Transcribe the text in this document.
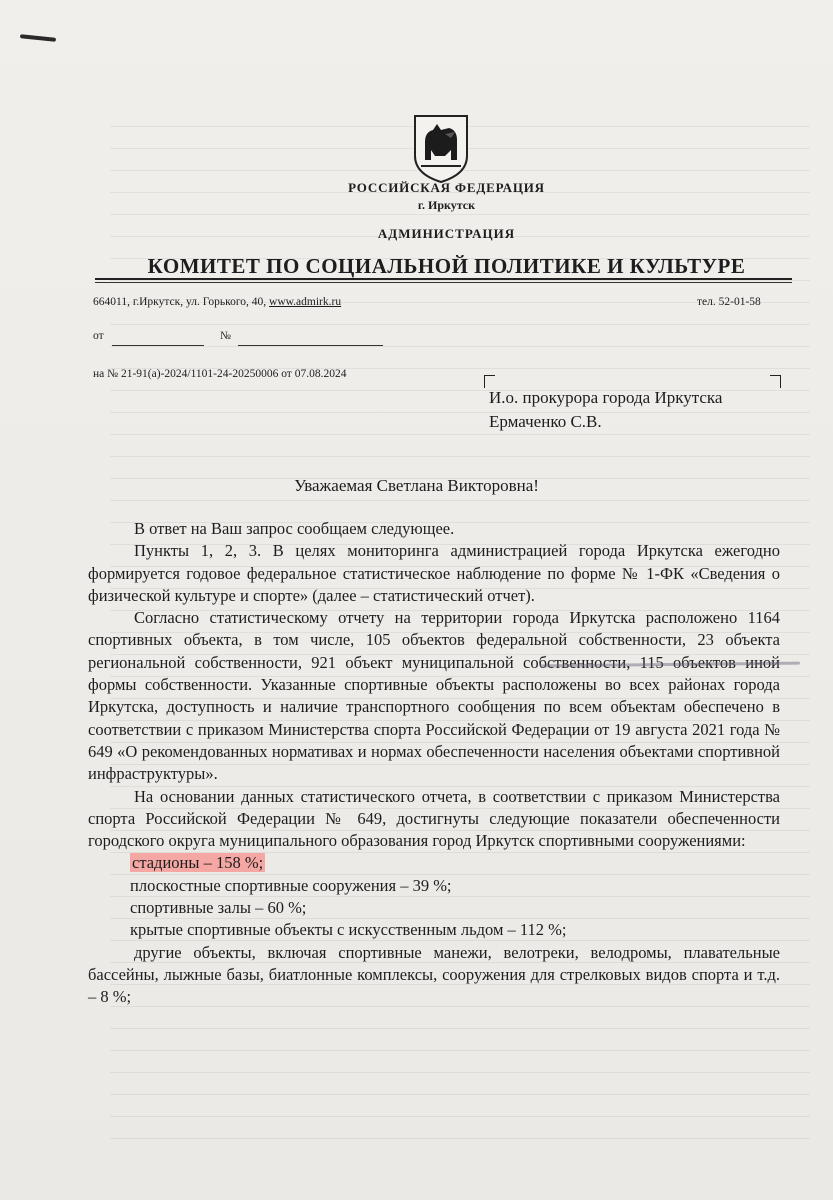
РОССИЙСКАЯ ФЕДЕРАЦИЯ
г. Иркутск
АДМИНИСТРАЦИЯ
КОМИТЕТ ПО СОЦИАЛЬНОЙ ПОЛИТИКЕ И КУЛЬТУРЕ
664011, г.Иркутск, ул. Горького, 40, www.admirk.ru	тел. 52-01-58
от	№
на № 21-91(а)-2024/1101-24-20250006 от 07.08.2024
И.о. прокурора города Иркутска
Ермаченко С.В.
Уважаемая Светлана Викторовна!

В ответ на Ваш запрос сообщаем следующее.

Пункты 1, 2, 3. В целях мониторинга администрацией города Иркутска ежегодно формируется годовое федеральное статистическое наблюдение по форме № 1-ФК «Сведения о физической культуре и спорте» (далее – статистический отчет).

Согласно статистическому отчету на территории города Иркутска расположено 1164 спортивных объекта, в том числе, 105 объектов федеральной собственности, 23 объекта региональной собственности, 921 объект муниципальной собственности, 115 объектов иной формы собственности. Указанные спортивные объекты расположены во всех районах города Иркутска, доступность и наличие транспортного сообщения по всем объектам обеспечено в соответствии с приказом Министерства спорта Российской Федерации от 19 августа 2021 года № 649 «О рекомендованных нормативах и нормах обеспеченности населения объектами спортивной инфраструктуры».

На основании данных статистического отчета, в соответствии с приказом Министерства спорта Российской Федерации № 649, достигнуты следующие показатели обеспеченности городского округа муниципального образования город Иркутск спортивными сооружениями:

стадионы – 158 %;

плоскостные спортивные сооружения – 39 %;

спортивные залы – 60 %;

крытые спортивные объекты с искусственным льдом – 112 %;

другие объекты, включая спортивные манежи, велотреки, велодромы, плавательные бассейны, лыжные базы, биатлонные комплексы, сооружения для стрелковых видов спорта и т.д. – 8 %;
